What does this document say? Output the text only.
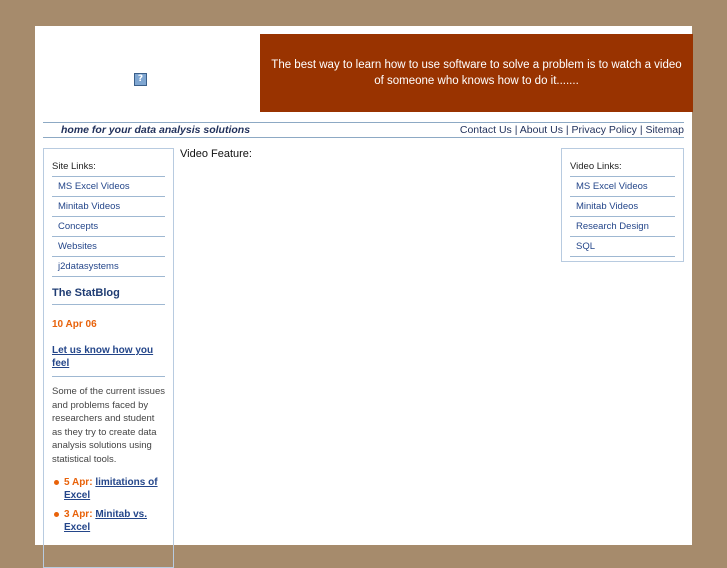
?
The best way to learn how to use software to solve a problem is to watch a video of someone who knows how to do it.......
home for your data analysis solutions	Contact Us | About Us | Privacy Policy | Sitemap
Site Links:
MS Excel Videos
Minitab Videos
Concepts
Websites
j2datasystems
The StatBlog
10 Apr 06
Let us know how you feel
Some of the current issues and problems faced by researchers and student as they try to create data analysis solutions using statistical tools.
5 Apr: limitations of Excel
3 Apr: Minitab vs. Excel
Video Feature:
Video Links:
MS Excel Videos
Minitab Videos
Research Design
SQL
